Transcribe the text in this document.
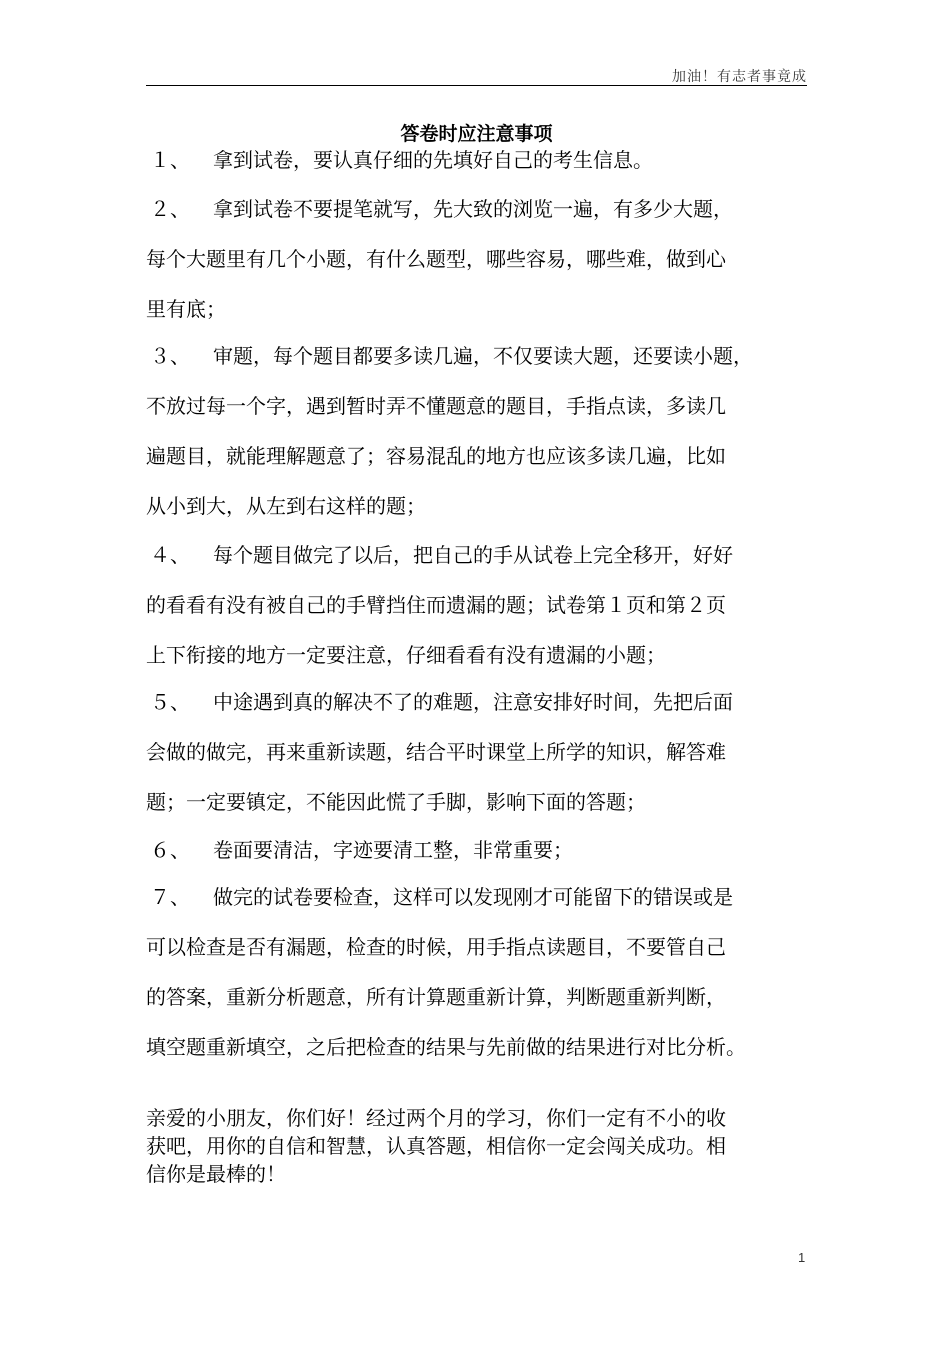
加油！有志者事竟成
答卷时应注意事项

１、 拿到试卷，要认真仔细的先填好自己的考生信息。

２、 拿到试卷不要提笔就写，先大致的浏览一遍，有多少大题，

每个大题里有几个小题，有什么题型，哪些容易，哪些难，做到心

里有底；

３、 审题，每个题目都要多读几遍，不仅要读大题，还要读小题，

不放过每一个字，遇到暂时弄不懂题意的题目，手指点读，多读几

遍题目，就能理解题意了；容易混乱的地方也应该多读几遍，比如

从小到大，从左到右这样的题；

４、 每个题目做完了以后，把自己的手从试卷上完全移开，好好

的看看有没有被自己的手臂挡住而遗漏的题；试卷第１页和第２页

上下衔接的地方一定要注意，仔细看看有没有遗漏的小题；

５、 中途遇到真的解决不了的难题，注意安排好时间，先把后面

会做的做完，再来重新读题，结合平时课堂上所学的知识，解答难

题；一定要镇定，不能因此慌了手脚，影响下面的答题；

６、 卷面要清洁，字迹要清工整，非常重要；

７、 做完的试卷要检查，这样可以发现刚才可能留下的错误或是

可以检查是否有漏题，检查的时候，用手指点读题目，不要管自己

的答案，重新分析题意，所有计算题重新计算，判断题重新判断，

填空题重新填空，之后把检查的结果与先前做的结果进行对比分析。

亲爱的小朋友，你们好！经过两个月的学习，你们一定有不小的收

获吧，用你的自信和智慧，认真答题，相信你一定会闯关成功。相

信你是最棒的！

1
